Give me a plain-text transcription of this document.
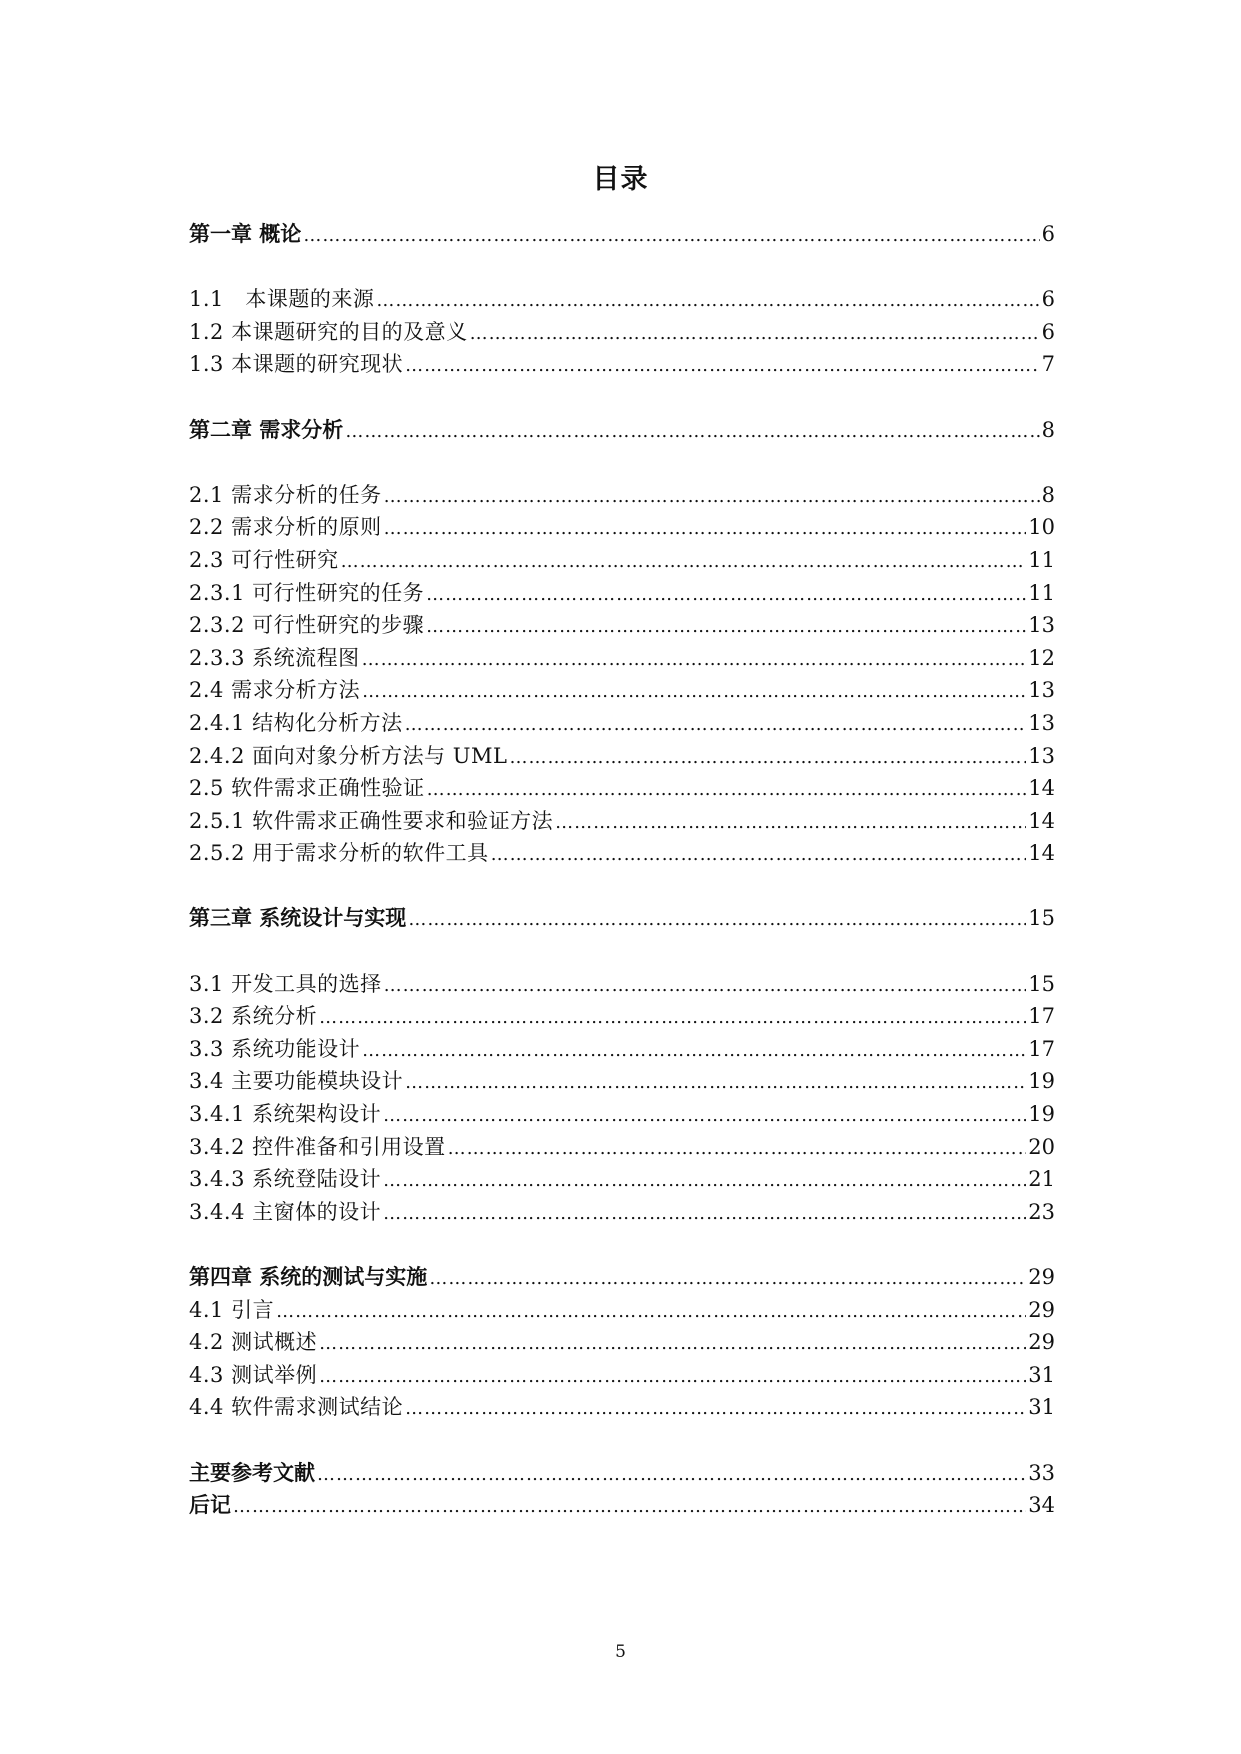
目录
第一章 概论 ……………………………………………………………………………………………………………………………………………………………………………………………………	6
1.1　本课题的来源 ……………………………………………………………………………………………………………………………………………………………………………………………………	6
1.2 本课题研究的目的及意义 ……………………………………………………………………………………………………………………………………………………………………………………………………	6
1.3 本课题的研究现状 ……………………………………………………………………………………………………………………………………………………………………………………………………	7
第二章 需求分析 ……………………………………………………………………………………………………………………………………………………………………………………………………	8
2.1 需求分析的任务 ……………………………………………………………………………………………………………………………………………………………………………………………………	8
2.2 需求分析的原则 ……………………………………………………………………………………………………………………………………………………………………………………………………	10
2.3 可行性研究 ……………………………………………………………………………………………………………………………………………………………………………………………………	11
2.3.1 可行性研究的任务 ……………………………………………………………………………………………………………………………………………………………………………………………………	11
2.3.2 可行性研究的步骤 ……………………………………………………………………………………………………………………………………………………………………………………………………	13
2.3.3 系统流程图 ……………………………………………………………………………………………………………………………………………………………………………………………………	12
2.4 需求分析方法 ……………………………………………………………………………………………………………………………………………………………………………………………………	13
2.4.1 结构化分析方法 ……………………………………………………………………………………………………………………………………………………………………………………………………	13
2.4.2 面向对象分析方法与 UML ……………………………………………………………………………………………………………………………………………………………………………………………………	13
2.5 软件需求正确性验证 ……………………………………………………………………………………………………………………………………………………………………………………………………	14
2.5.1 软件需求正确性要求和验证方法 ……………………………………………………………………………………………………………………………………………………………………………………………………	14
2.5.2 用于需求分析的软件工具 ……………………………………………………………………………………………………………………………………………………………………………………………………	14
第三章 系统设计与实现 ……………………………………………………………………………………………………………………………………………………………………………………………………	15
3.1 开发工具的选择 ……………………………………………………………………………………………………………………………………………………………………………………………………	15
3.2 系统分析 ……………………………………………………………………………………………………………………………………………………………………………………………………	17
3.3 系统功能设计 ……………………………………………………………………………………………………………………………………………………………………………………………………	17
3.4 主要功能模块设计 ……………………………………………………………………………………………………………………………………………………………………………………………………	19
3.4.1 系统架构设计 ……………………………………………………………………………………………………………………………………………………………………………………………………	19
3.4.2 控件准备和引用设置 ……………………………………………………………………………………………………………………………………………………………………………………………………	20
3.4.3 系统登陆设计 ……………………………………………………………………………………………………………………………………………………………………………………………………	21
3.4.4 主窗体的设计 ……………………………………………………………………………………………………………………………………………………………………………………………………	23
第四章 系统的测试与实施 ……………………………………………………………………………………………………………………………………………………………………………………………………	29
4.1 引言 ……………………………………………………………………………………………………………………………………………………………………………………………………	29
4.2 测试概述 ……………………………………………………………………………………………………………………………………………………………………………………………………	29
4.3 测试举例 ……………………………………………………………………………………………………………………………………………………………………………………………………	31
4.4 软件需求测试结论 ……………………………………………………………………………………………………………………………………………………………………………………………………	31
主要参考文献 ……………………………………………………………………………………………………………………………………………………………………………………………………	33
后记 ……………………………………………………………………………………………………………………………………………………………………………………………………	34
5
